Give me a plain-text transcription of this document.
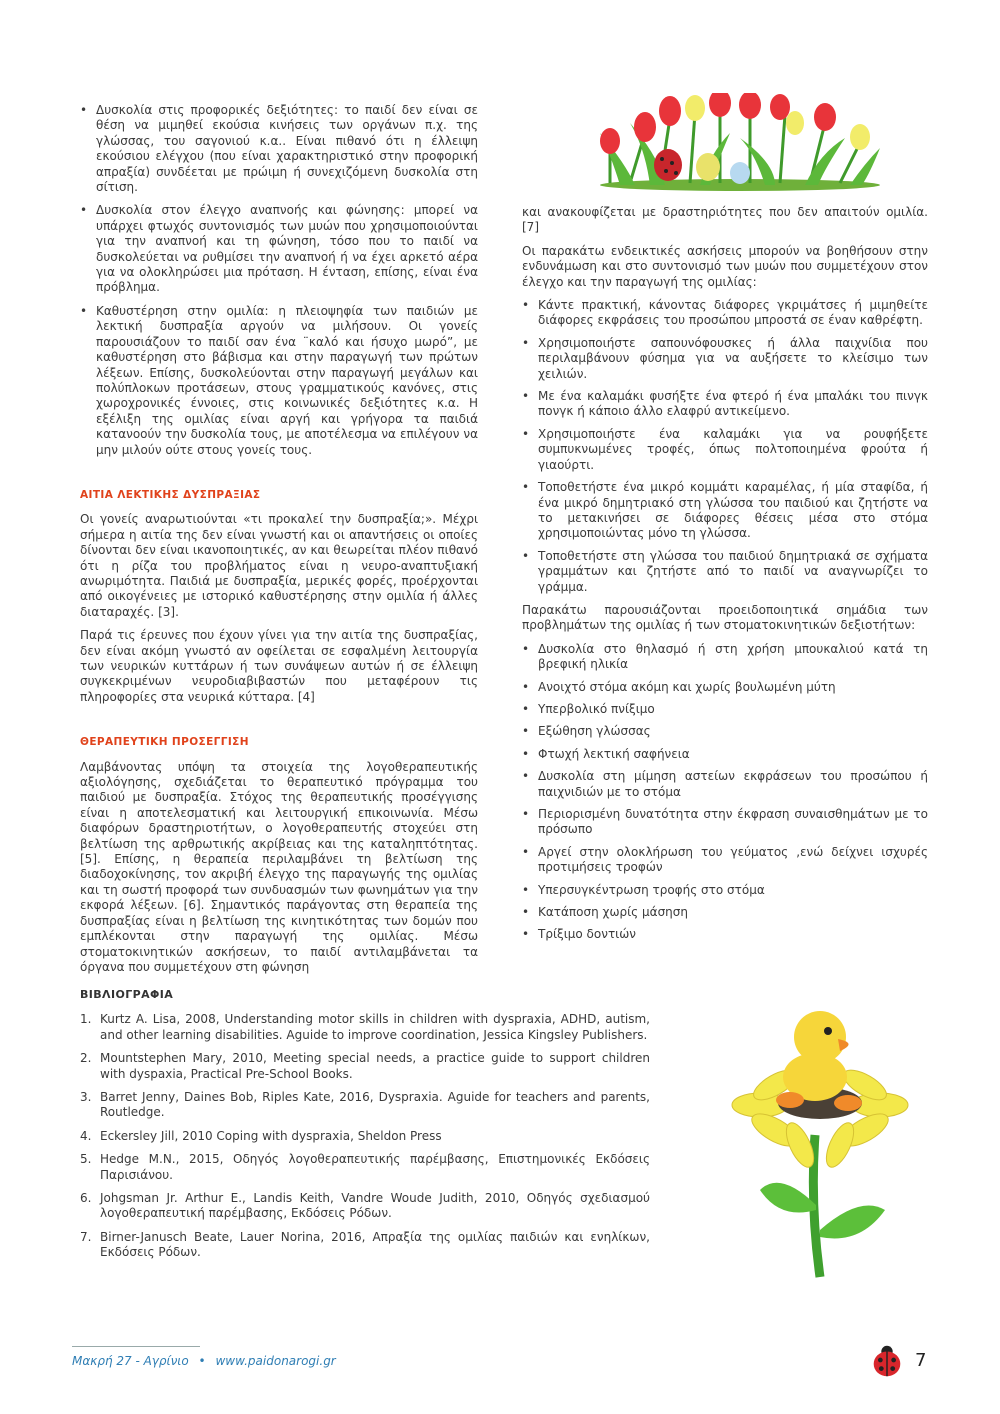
• Δυσκολία στις προφορικές δεξιότητες: το παιδί δεν είναι σε θέση να μιμηθεί εκούσια κινήσεις των οργάνων π.χ. της γλώσσας, του σαγονιού κ.α.. Είναι πιθανό ότι η έλλειψη εκούσιου ελέγχου (που είναι χαρακτηριστικό στην προφορική απραξία) συνδέεται με πρώιμη ή συνεχιζόμενη δυσκολία στη σίτιση.
• Δυσκολία στον έλεγχο αναπνοής και φώνησης: μπορεί να υπάρχει φτωχός συντονισμός των μυών που χρησιμοποιούνται για την αναπνοή και τη φώνηση, τόσο που το παιδί να δυσκολεύεται να ρυθμίσει την αναπνοή ή να έχει αρκετό αέρα για να ολοκληρώσει μια πρόταση. Η ένταση, επίσης, είναι ένα πρόβλημα.
• Καθυστέρηση στην ομιλία: η πλειοψηφία των παιδιών με λεκτική δυσπραξία αργούν να μιλήσουν. Οι γονείς παρουσιάζουν το παιδί σαν ένα ¨καλό και ήσυχο μωρό”, με καθυστέρηση στο βάβισμα και στην παραγωγή των πρώτων λέξεων. Επίσης, δυσκολεύονται στην παραγωγή μεγάλων και πολύπλοκων προτάσεων, στους γραμματικούς κανόνες, στις χωροχρονικές έννοιες, στις κοινωνικές δεξιότητες κ.α. Η εξέλιξη της ομιλίας είναι αργή και γρήγορα τα παιδιά κατανοούν την δυσκολία τους, με αποτέλεσμα να επιλέγουν να μην μιλούν ούτε στους γονείς τους.
ΑΙΤΙΑ ΛΕΚΤΙΚΗΣ ΔΥΣΠΡΑΞΙΑΣ

Οι γονείς αναρωτιούνται «τι προκαλεί την δυσπραξία;». Μέχρι σήμερα η αιτία της δεν είναι γνωστή και οι απαντήσεις οι οποίες δίνονται δεν είναι ικανοποιητικές, αν και θεωρείται πλέον πιθανό ότι η ρίζα του προβλήματος είναι η νευρο-αναπτυξιακή ανωριμότητα. Παιδιά με δυσπραξία, μερικές φορές, προέρχονται από οικογένειες με ιστορικό καθυστέρησης στην ομιλία ή άλλες διαταραχές. [3].

Παρά τις έρευνες που έχουν γίνει για την αιτία της δυσπραξίας, δεν είναι ακόμη γνωστό αν οφείλεται σε εσφαλμένη λειτουργία των νευρικών κυττάρων ή των συνάψεων αυτών ή σε έλλειψη συγκεκριμένων νευροδιαβιβαστών που μεταφέρουν τις πληροφορίες στα νευρικά κύτταρα. [4]

ΘΕΡΑΠΕΥΤΙΚΗ ΠΡΟΣΕΓΓΙΣΗ

Λαμβάνοντας υπόψη τα στοιχεία της λογοθεραπευτικής αξιολόγησης, σχεδιάζεται το θεραπευτικό πρόγραμμα του παιδιού με δυσπραξία. Στόχος της θεραπευτικής προσέγγισης είναι η αποτελεσματική και λειτουργική επικοινωνία. Μέσω διαφόρων δραστηριοτήτων, ο λογοθεραπευτής στοχεύει στη βελτίωση της αρθρωτικής ακρίβειας και της καταληπτότητας. [5]. Επίσης, η θεραπεία περιλαμβάνει τη βελτίωση της διαδοχοκίνησης, τον ακριβή έλεγχο της παραγωγής της ομιλίας και τη σωστή προφορά των συνδυασμών των φωνημάτων για την εκφορά λέξεων. [6]. Σημαντικός παράγοντας στη θεραπεία της δυσπραξίας είναι η βελτίωση της κινητικότητας των δομών που εμπλέκονται στην παραγωγή της ομιλίας. Μέσω στοματοκινητικών ασκήσεων, το παιδί αντιλαμβάνεται τα όργανα που συμμετέχουν στη φώνηση

και ανακουφίζεται με δραστηριότητες που δεν απαιτούν ομιλία. [7]

Οι παρακάτω ενδεικτικές ασκήσεις μπορούν να βοηθήσουν στην ενδυνάμωση και στο συντονισμό των μυών που συμμετέχουν στον έλεγχο και την παραγωγή της ομιλίας:

• Κάντε πρακτική, κάνοντας διάφορες γκριμάτσες ή μιμηθείτε διάφορες εκφράσεις του προσώπου μπροστά σε έναν καθρέφτη.
• Χρησιμοποιήστε σαπουνόφουσκες ή άλλα παιχνίδια που περιλαμβάνουν φύσημα για να αυξήσετε το κλείσιμο των χειλιών.
• Με ένα καλαμάκι φυσήξτε ένα φτερό ή ένα μπαλάκι του πινγκ πονγκ ή κάποιο άλλο ελαφρύ αντικείμενο.
• Χρησιμοποιήστε ένα καλαμάκι για να ρουφήξετε συμπυκνωμένες τροφές, όπως πολτοποιημένα φρούτα ή γιαούρτι.
• Τοποθετήστε ένα μικρό κομμάτι καραμέλας, ή μία σταφίδα, ή ένα μικρό δημητριακό στη γλώσσα του παιδιού και ζητήστε να το μετακινήσει σε διάφορες θέσεις μέσα στο στόμα χρησιμοποιώντας μόνο τη γλώσσα.
• Τοποθετήστε στη γλώσσα του παιδιού δημητριακά σε σχήματα γραμμάτων και ζητήστε από το παιδί να αναγνωρίζει το γράμμα.

Παρακάτω παρουσιάζονται προειδοποιητικά σημάδια των προβλημάτων της ομιλίας ή των στοματοκινητικών δεξιοτήτων:

• Δυσκολία στο θηλασμό ή στη χρήση μπουκαλιού κατά τη βρεφική ηλικία
• Ανοιχτό στόμα ακόμη και χωρίς βουλωμένη μύτη
• Υπερβολικό πνίξιμο
• Εξώθηση γλώσσας
• Φτωχή λεκτική σαφήνεια
• Δυσκολία στη μίμηση αστείων εκφράσεων του προσώπου ή παιχνιδιών με το στόμα
• Περιορισμένη δυνατότητα στην έκφραση συναισθημάτων με το πρόσωπο
• Αργεί στην ολοκλήρωση του γεύματος ,ενώ δείχνει ισχυρές προτιμήσεις τροφών
• Υπερσυγκέντρωση τροφής στο στόμα
• Κατάποση χωρίς μάσηση
• Τρίξιμο δοντιών
ΒΙΒΛΙΟΓΡΑΦΙΑ
1. Kurtz A. Lisa, 2008, Understanding motor skills in children with dyspraxia, ADHD, autism, and other learning disabilities. Aguide to improve coordination, Jessica Kingsley Publishers.
2. Mountstephen Mary, 2010, Meeting special needs, a practice guide to support children with dyspaxia, Practical Pre-School Books.
3. Barret Jenny, Daines Bob, Riples Kate, 2016, Dyspraxia. Aguide for teachers and parents, Routledge.
4. Eckersley Jill, 2010 Coping with dyspraxia, Sheldon Press
5. Hedge M.N., 2015, Οδηγός λογοθεραπευτικής παρέμβασης, Επιστημονικές Εκδόσεις Παρισιάνου.
6. Johgsman Jr. Arthur E., Landis Keith, Vandre Woude Judith, 2010, Οδηγός σχεδιασμού λογοθεραπευτική παρέμβασης, Εκδόσεις Ρόδων.
7. Birner-Janusch Beate, Lauer Norina, 2016, Απραξία της ομιλίας παιδιών και ενηλίκων, Εκδόσεις Ρόδων.
Μακρή 27 - Αγρίνιο • www.paidonarogi.gr	7
